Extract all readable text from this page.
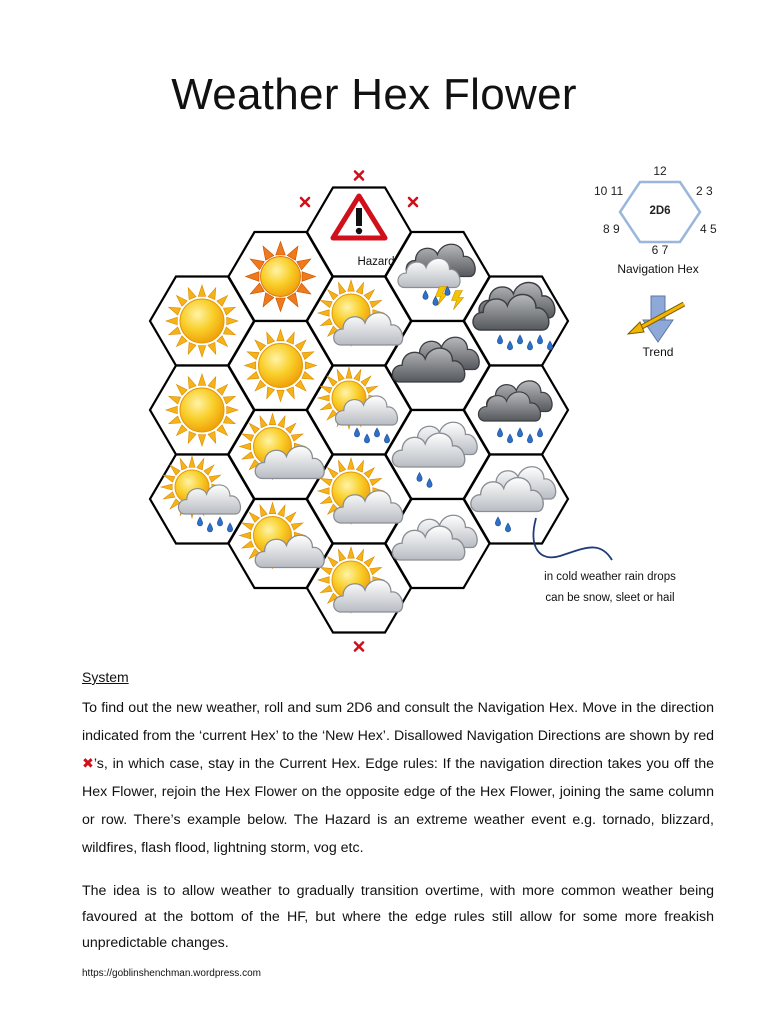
Weather Hex Flower
Hazard
2D6
12
2 3
4 5
6 7
8 9
10 11
Navigation Hex
Trend
in cold weather rain drops
can be snow, sleet or hail
System

To find out the new weather, roll and sum 2D6 and consult the Navigation Hex. Move in the direction indicated from the ‘current Hex’ to the ‘New Hex’. Disallowed Navigation Directions are shown by red ✖’s, in which case, stay in the Current Hex. Edge rules: If the navigation direction takes you off the Hex Flower, rejoin the Hex Flower on the opposite edge of the Hex Flower, joining the same column or row. There’s example below. The Hazard is an extreme weather event e.g. tornado, blizzard, wildfires, flash flood, lightning storm, vog etc.

The idea is to allow weather to gradually transition overtime, with more common weather being favoured at the bottom of the HF, but where the edge rules still allow for some more freakish unpredictable changes.

https://goblinshenchman.wordpress.com
